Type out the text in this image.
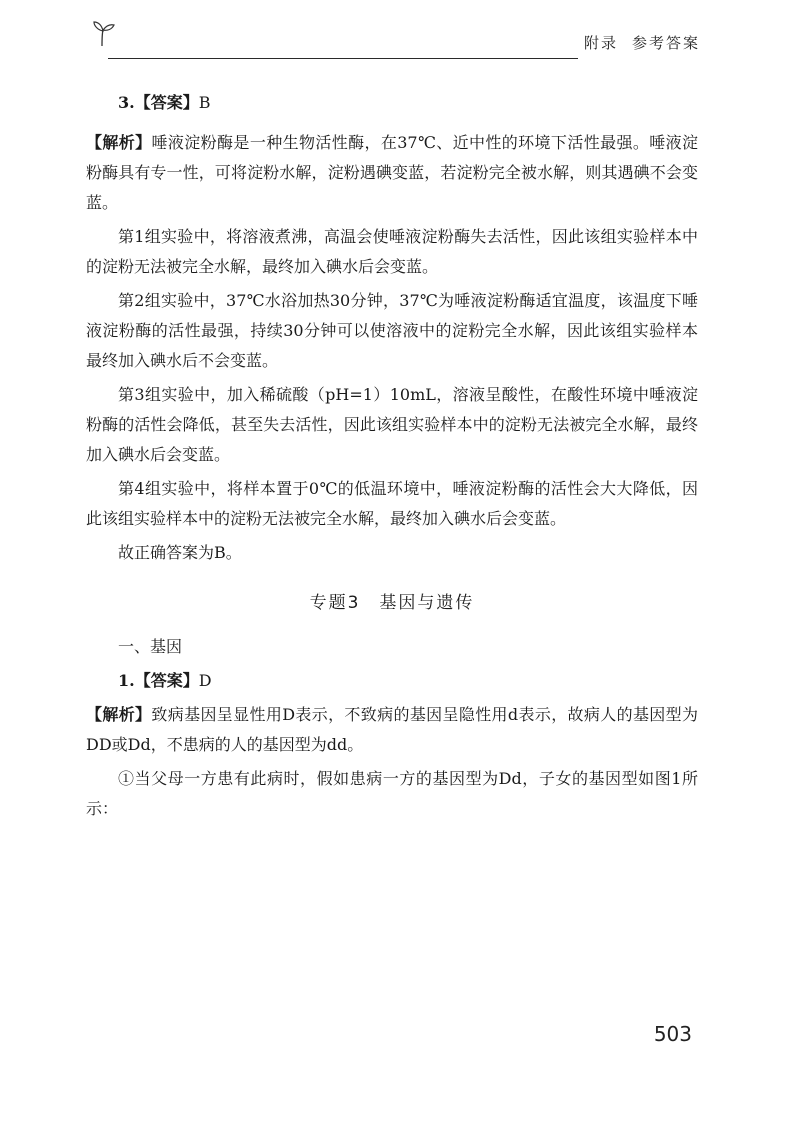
附录 参考答案

3.【答案】B

【解析】唾液淀粉酶是一种生物活性酶，在37℃、近中性的环境下活性最强。唾液淀粉酶具有专一性，可将淀粉水解，淀粉遇碘变蓝，若淀粉完全被水解，则其遇碘不会变蓝。

第1组实验中，将溶液煮沸，高温会使唾液淀粉酶失去活性，因此该组实验样本中的淀粉无法被完全水解，最终加入碘水后会变蓝。

第2组实验中，37℃水浴加热30分钟，37℃为唾液淀粉酶适宜温度，该温度下唾液淀粉酶的活性最强，持续30分钟可以使溶液中的淀粉完全水解，因此该组实验样本最终加入碘水后不会变蓝。

第3组实验中，加入稀硫酸（pH=1）10mL，溶液呈酸性，在酸性环境中唾液淀粉酶的活性会降低，甚至失去活性，因此该组实验样本中的淀粉无法被完全水解，最终加入碘水后会变蓝。

第4组实验中，将样本置于0℃的低温环境中，唾液淀粉酶的活性会大大降低，因此该组实验样本中的淀粉无法被完全水解，最终加入碘水后会变蓝。

故正确答案为B。

专题3　基因与遗传

一、基因

1.【答案】D

【解析】致病基因呈显性用D表示，不致病的基因呈隐性用d表示，故病人的基因型为DD或Dd，不患病的人的基因型为dd。

①当父母一方患有此病时，假如患病一方的基因型为Dd，子女的基因型如图1所示：

503
